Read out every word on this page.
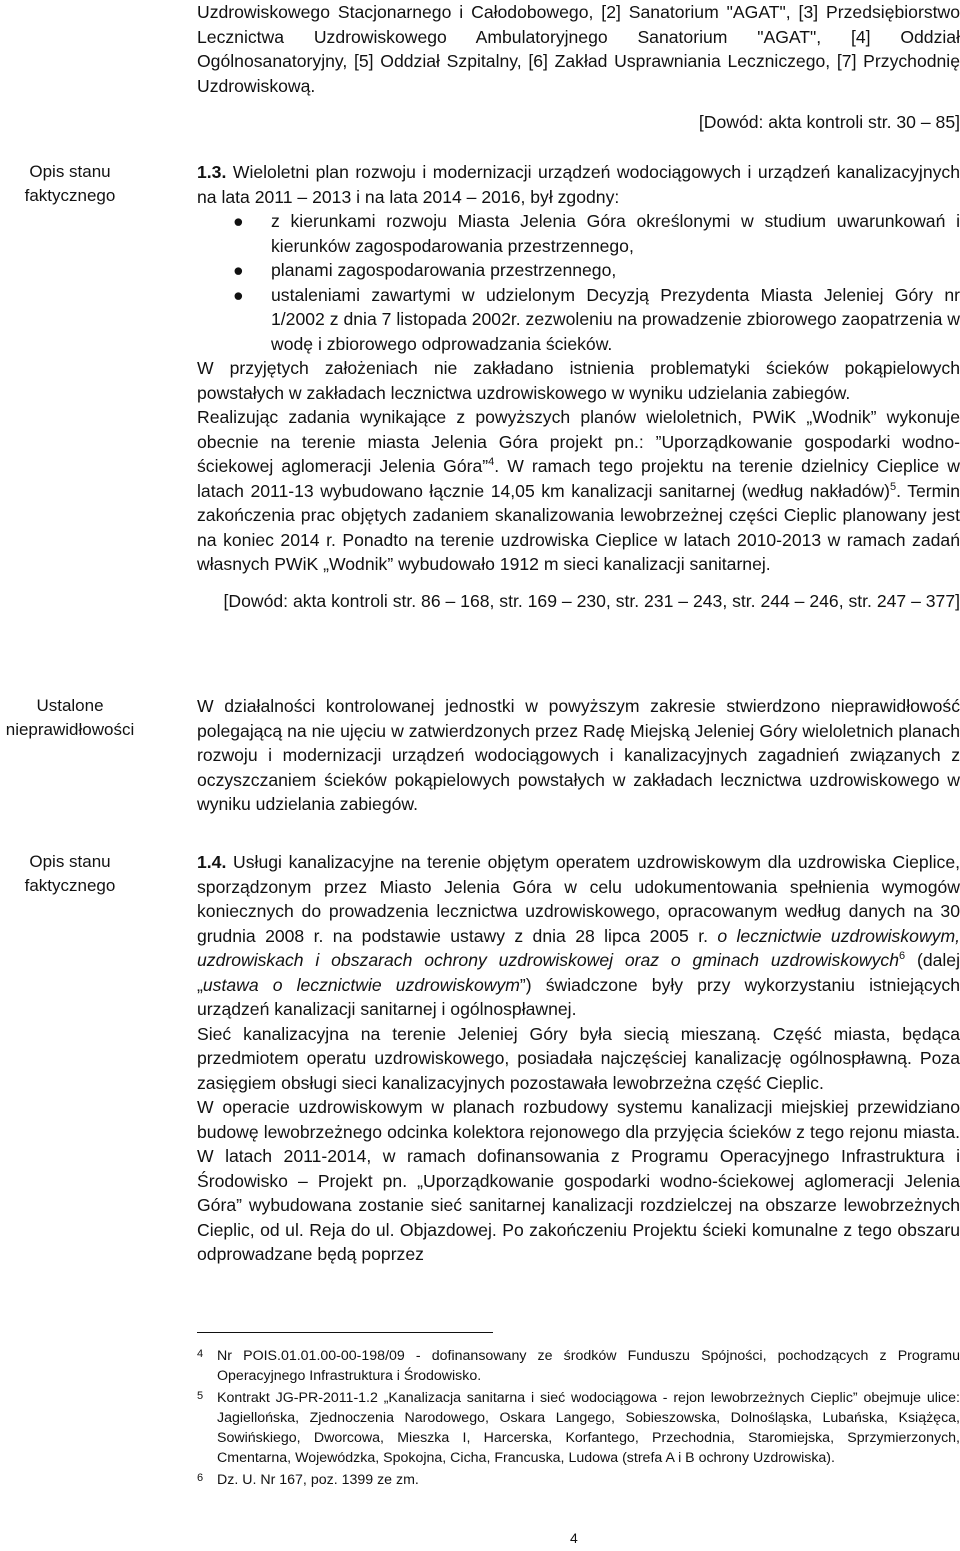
Uzdrowiskowego Stacjonarnego i Całodobowego, [2] Sanatorium "AGAT", [3] Przedsiębiorstwo Lecznictwa Uzdrowiskowego Ambulatoryjnego Sanatorium "AGAT", [4] Oddział Ogólnosanatoryjny, [5] Oddział Szpitalny, [6] Zakład Usprawniania Leczniczego, [7] Przychodnię Uzdrowiskową.

[Dowód: akta kontroli str. 30 – 85]

Opis stanu faktycznego
Ustalone nieprawidłowości
Opis stanu faktycznego

1.3. Wieloletni plan rozwoju i modernizacji urządzeń wodociągowych i urządzeń kanalizacyjnych na lata 2011 – 2013 i na lata 2014 – 2016, był zgodny:

● z kierunkami rozwoju Miasta Jelenia Góra określonymi w studium uwarunkowań i kierunków zagospodarowania przestrzennego,
● planami zagospodarowania przestrzennego,
● ustaleniami zawartymi w udzielonym Decyzją Prezydenta Miasta Jeleniej Góry nr 1/2002 z dnia 7 listopada 2002r. zezwoleniu na prowadzenie zbiorowego zaopatrzenia w wodę i zbiorowego odprowadzania ścieków.

W przyjętych założeniach nie zakładano istnienia problematyki ścieków pokąpielowych powstałych w zakładach lecznictwa uzdrowiskowego w wyniku udzielania zabiegów.

Realizując zadania wynikające z powyższych planów wieloletnich, PWiK „Wodnik” wykonuje obecnie na terenie miasta Jelenia Góra projekt pn.: ”Uporządkowanie gospodarki wodno-ściekowej aglomeracji Jelenia Góra”$^4$. W ramach tego projektu na terenie dzielnicy Cieplice w latach 2011-13 wybudowano łącznie 14,05 km kanalizacji sanitarnej (według nakładów)$^5$. Termin zakończenia prac objętych zadaniem skanalizowania lewobrzeżnej części Cieplic planowany jest na koniec 2014 r. Ponadto na terenie uzdrowiska Cieplice w latach 2010-2013 w ramach zadań własnych PWiK „Wodnik” wybudowało 1912 m sieci kanalizacji sanitarnej.

[Dowód: akta kontroli str. 86 – 168, str. 169 – 230, str. 231 – 243, str. 244 – 246, str. 247 – 377]

W działalności kontrolowanej jednostki w powyższym zakresie stwierdzono nieprawidłowość polegającą na nie ujęciu w zatwierdzonych przez Radę Miejską Jeleniej Góry wieloletnich planach rozwoju i modernizacji urządzeń wodociągowych i kanalizacyjnych zagadnień związanych z oczyszczaniem ścieków pokąpielowych powstałych w zakładach lecznictwa uzdrowiskowego w wyniku udzielania zabiegów.

1.4. Usługi kanalizacyjne na terenie objętym operatem uzdrowiskowym dla uzdrowiska Cieplice, sporządzonym przez Miasto Jelenia Góra w celu udokumentowania spełnienia wymogów koniecznych do prowadzenia lecznictwa uzdrowiskowego, opracowanym według danych na 30 grudnia 2008 r. na podstawie ustawy z dnia 28 lipca 2005 r. o lecznictwie uzdrowiskowym, uzdrowiskach i obszarach ochrony uzdrowiskowej oraz o gminach uzdrowiskowych$^6$ (dalej „ustawa o lecznictwie uzdrowiskowym”) świadczone były przy wykorzystaniu istniejących urządzeń kanalizacji sanitarnej i ogólnospławnej.

Sieć kanalizacyjna na terenie Jeleniej Góry była siecią mieszaną. Część miasta, będąca przedmiotem operatu uzdrowiskowego, posiadała najczęściej kanalizację ogólnospławną. Poza zasięgiem obsługi sieci kanalizacyjnych pozostawała lewobrzeżna część Cieplic.

W operacie uzdrowiskowym w planach rozbudowy systemu kanalizacji miejskiej przewidziano budowę lewobrzeżnego odcinka kolektora rejonowego dla przyjęcia ścieków z tego rejonu miasta. W latach 2011-2014, w ramach dofinansowania z Programu Operacyjnego Infrastruktura i Środowisko – Projekt pn. „Uporządkowanie gospodarki wodno-ściekowej aglomeracji Jelenia Góra” wybudowana zostanie sieć sanitarnej kanalizacji rozdzielczej na obszarze lewobrzeżnych Cieplic, od ul. Reja do ul. Objazdowej. Po zakończeniu Projektu ścieki komunalne z tego obszaru odprowadzane będą poprzez

4 Nr POIS.01.01.00-00-198/09 - dofinansowany ze środków Funduszu Spójności, pochodzących z Programu Operacyjnego Infrastruktura i Środowisko.
5 Kontrakt JG-PR-2011-1.2 „Kanalizacja sanitarna i sieć wodociągowa - rejon lewobrzeżnych Cieplic” obejmuje ulice: Jagiellońska, Zjednoczenia Narodowego, Oskara Langego, Sobieszowska, Dolnośląska, Lubańska, Książęca, Sowińskiego, Dworcowa, Mieszka I, Harcerska, Korfantego, Przechodnia, Staromiejska, Sprzymierzonych, Cmentarna, Wojewódzka, Spokojna, Cicha, Francuska, Ludowa (strefa A i B ochrony Uzdrowiska).
6 Dz. U. Nr 167, poz. 1399 ze zm.
4
